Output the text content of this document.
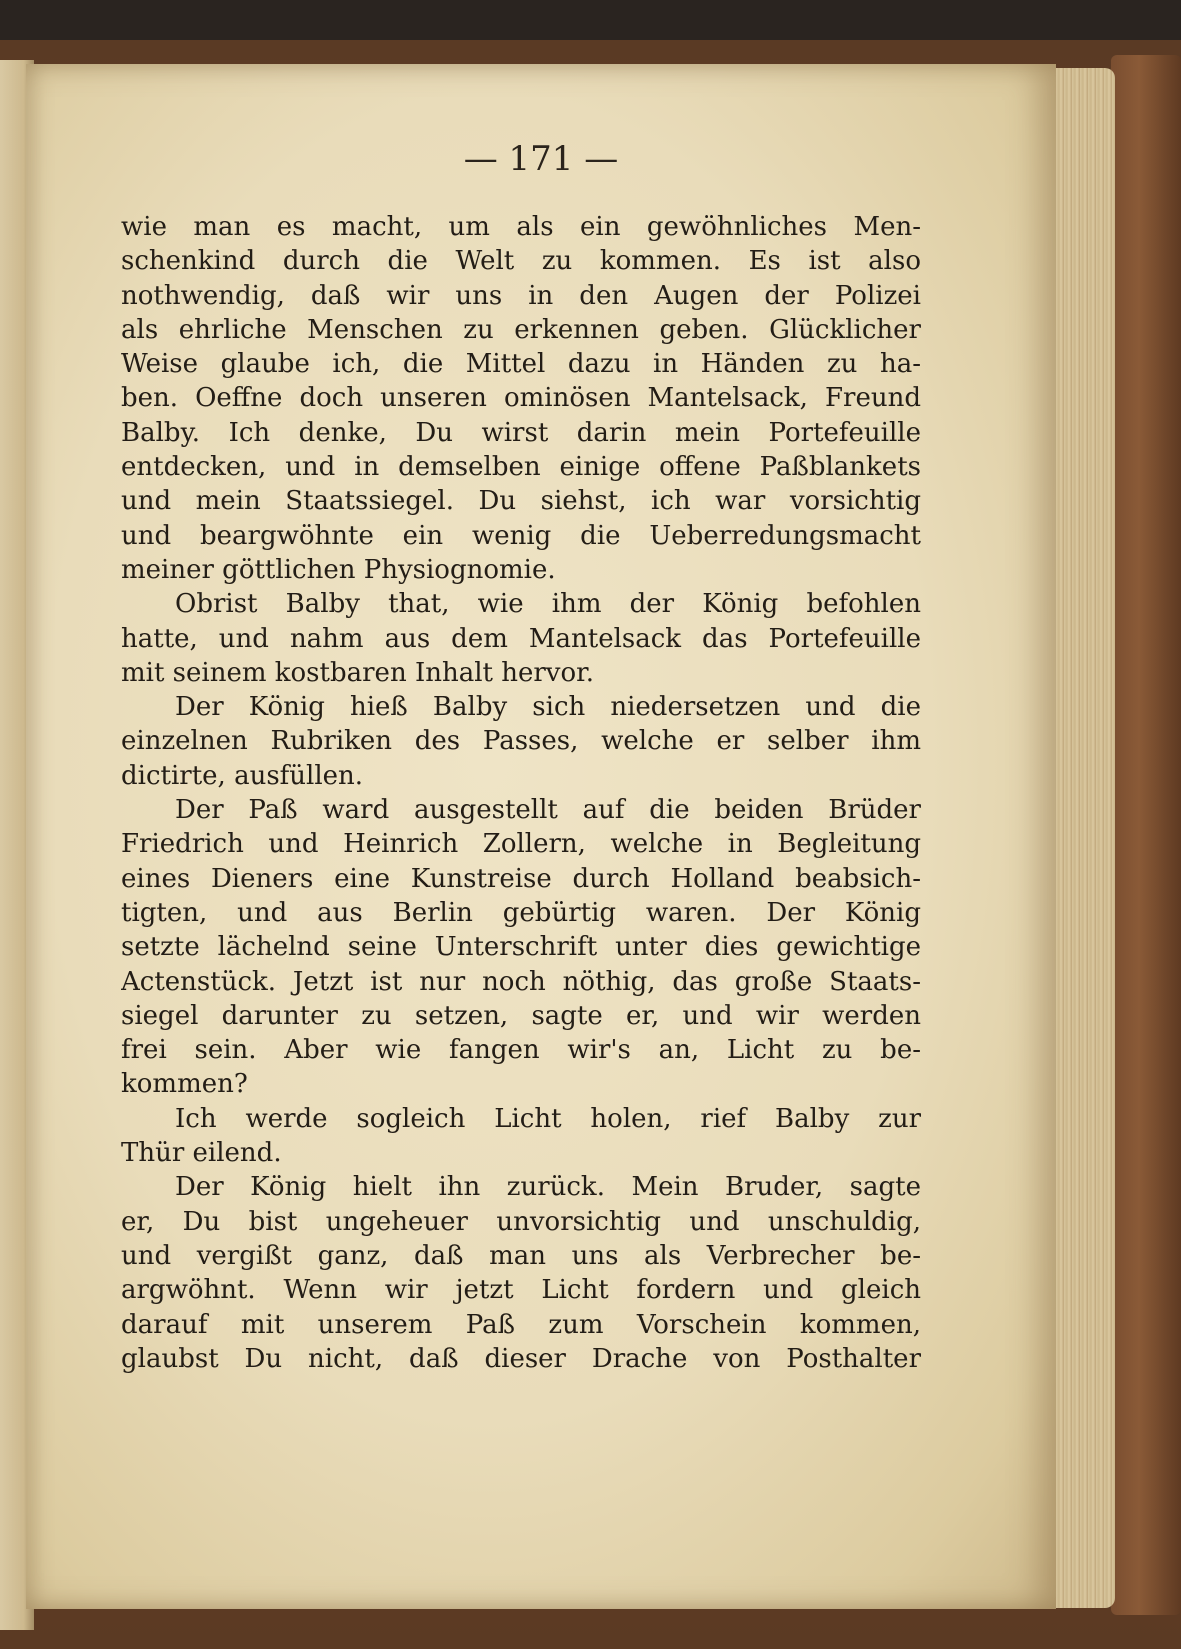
— 171 —
wie man es macht, um als ein gewöhnliches Men-
schenkind durch die Welt zu kommen. Es ist also
nothwendig, daß wir uns in den Augen der Polizei
als ehrliche Menschen zu erkennen geben. Glücklicher
Weise glaube ich, die Mittel dazu in Händen zu ha-
ben. Oeffne doch unseren ominösen Mantelsack, Freund
Balby. Ich denke, Du wirst darin mein Portefeuille
entdecken, und in demselben einige offene Paßblankets
und mein Staatssiegel. Du siehst, ich war vorsichtig
und beargwöhnte ein wenig die Ueberredungsmacht
meiner göttlichen Physiognomie.
Obrist Balby that, wie ihm der König befohlen
hatte, und nahm aus dem Mantelsack das Portefeuille
mit seinem kostbaren Inhalt hervor.
Der König hieß Balby sich niedersetzen und die
einzelnen Rubriken des Passes, welche er selber ihm
dictirte, ausfüllen.
Der Paß ward ausgestellt auf die beiden Brüder
Friedrich und Heinrich Zollern, welche in Begleitung
eines Dieners eine Kunstreise durch Holland beabsich-
tigten, und aus Berlin gebürtig waren. Der König
setzte lächelnd seine Unterschrift unter dies gewichtige
Actenstück. Jetzt ist nur noch nöthig, das große Staats-
siegel darunter zu setzen, sagte er, und wir werden
frei sein. Aber wie fangen wir's an, Licht zu be-
kommen?
Ich werde sogleich Licht holen, rief Balby zur
Thür eilend.
Der König hielt ihn zurück. Mein Bruder, sagte
er, Du bist ungeheuer unvorsichtig und unschuldig,
und vergißt ganz, daß man uns als Verbrecher be-
argwöhnt. Wenn wir jetzt Licht fordern und gleich
darauf mit unserem Paß zum Vorschein kommen,
glaubst Du nicht, daß dieser Drache von Posthalter
